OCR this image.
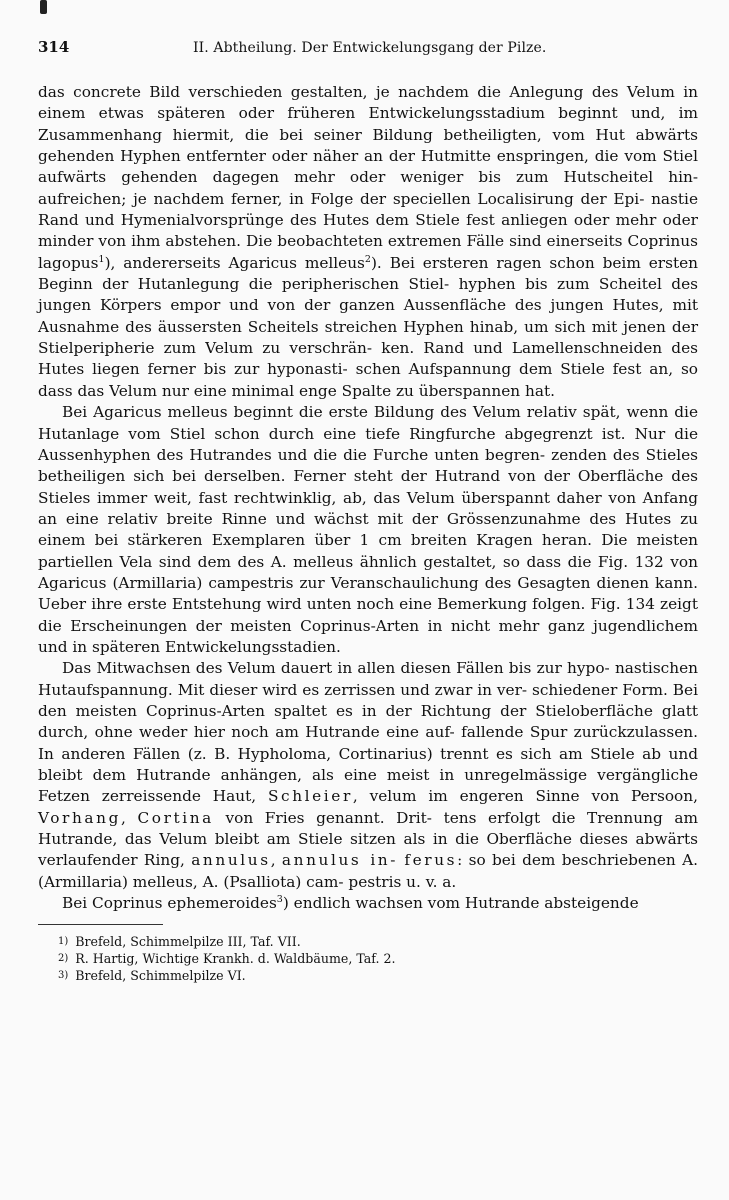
314	II. Abtheilung. Der Entwickelungsgang der Pilze.

das concrete Bild verschieden gestalten, je nachdem die Anlegung des Velum in einem etwas späteren oder früheren Entwickelungsstadium beginnt und, im Zusammenhang hiermit, die bei seiner Bildung betheiligten, vom Hut abwärts gehenden Hyphen entfernter oder näher an der Hutmitte enspringen, die vom Stiel aufwärts gehenden dagegen mehr oder weniger bis zum Hutscheitel hin- aufreichen; je nachdem ferner, in Folge der speciellen Localisirung der Epi- nastie Rand und Hymenialvorsprünge des Hutes dem Stiele fest anliegen oder mehr oder minder von ihm abstehen. Die beobachteten extremen Fälle sind einerseits Coprinus lagopus$^1$), andererseits Agaricus melleus$^2$). Bei ersteren ragen schon beim ersten Beginn der Hutanlegung die peripherischen Stiel- hyphen bis zum Scheitel des jungen Körpers empor und von der ganzen Aussenfläche des jungen Hutes, mit Ausnahme des äussersten Scheitels streichen Hyphen hinab, um sich mit jenen der Stielperipherie zum Velum zu verschrän- ken. Rand und Lamellenschneiden des Hutes liegen ferner bis zur hyponasti- schen Aufspannung dem Stiele fest an, so dass das Velum nur eine minimal enge Spalte zu überspannen hat.

Bei Agaricus melleus beginnt die erste Bildung des Velum relativ spät, wenn die Hutanlage vom Stiel schon durch eine tiefe Ringfurche abgegrenzt ist. Nur die Aussenhyphen des Hutrandes und die die Furche unten begren- zenden des Stieles betheiligen sich bei derselben. Ferner steht der Hutrand von der Oberfläche des Stieles immer weit, fast rechtwinklig, ab, das Velum überspannt daher von Anfang an eine relativ breite Rinne und wächst mit der Grössenzunahme des Hutes zu einem bei stärkeren Exemplaren über 1 cm breiten Kragen heran. Die meisten partiellen Vela sind dem des A. melleus ähnlich gestaltet, so dass die Fig. 132 von Agaricus (Armillaria) campestris zur Veranschaulichung des Gesagten dienen kann. Ueber ihre erste Entstehung wird unten noch eine Bemerkung folgen. Fig. 134 zeigt die Erscheinungen der meisten Coprinus-Arten in nicht mehr ganz jugendlichem und in späteren Entwickelungsstadien.

Das Mitwachsen des Velum dauert in allen diesen Fällen bis zur hypo- nastischen Hutaufspannung. Mit dieser wird es zerrissen und zwar in ver- schiedener Form. Bei den meisten Coprinus-Arten spaltet es in der Richtung der Stieloberfläche glatt durch, ohne weder hier noch am Hutrande eine auf- fallende Spur zurückzulassen. In anderen Fällen (z. B. Hypholoma, Cortinarius) trennt es sich am Stiele ab und bleibt dem Hutrande anhängen, als eine meist in unregelmässige vergängliche Fetzen zerreissende Haut, Schleier, velum im engeren Sinne von Persoon, Vorhang, Cortina von Fries genannt. Drit- tens erfolgt die Trennung am Hutrande, das Velum bleibt am Stiele sitzen als in die Oberfläche dieses abwärts verlaufender Ring, annulus, annulus in- ferus: so bei dem beschriebenen A. (Armillaria) melleus, A. (Psalliota) cam- pestris u. v. a.

Bei Coprinus ephemeroides$^3$) endlich wachsen vom Hutrande absteigende

1) Brefeld, Schimmelpilze III, Taf. VII.

2) R. Hartig, Wichtige Krankh. d. Waldbäume, Taf. 2.

3) Brefeld, Schimmelpilze VI.
